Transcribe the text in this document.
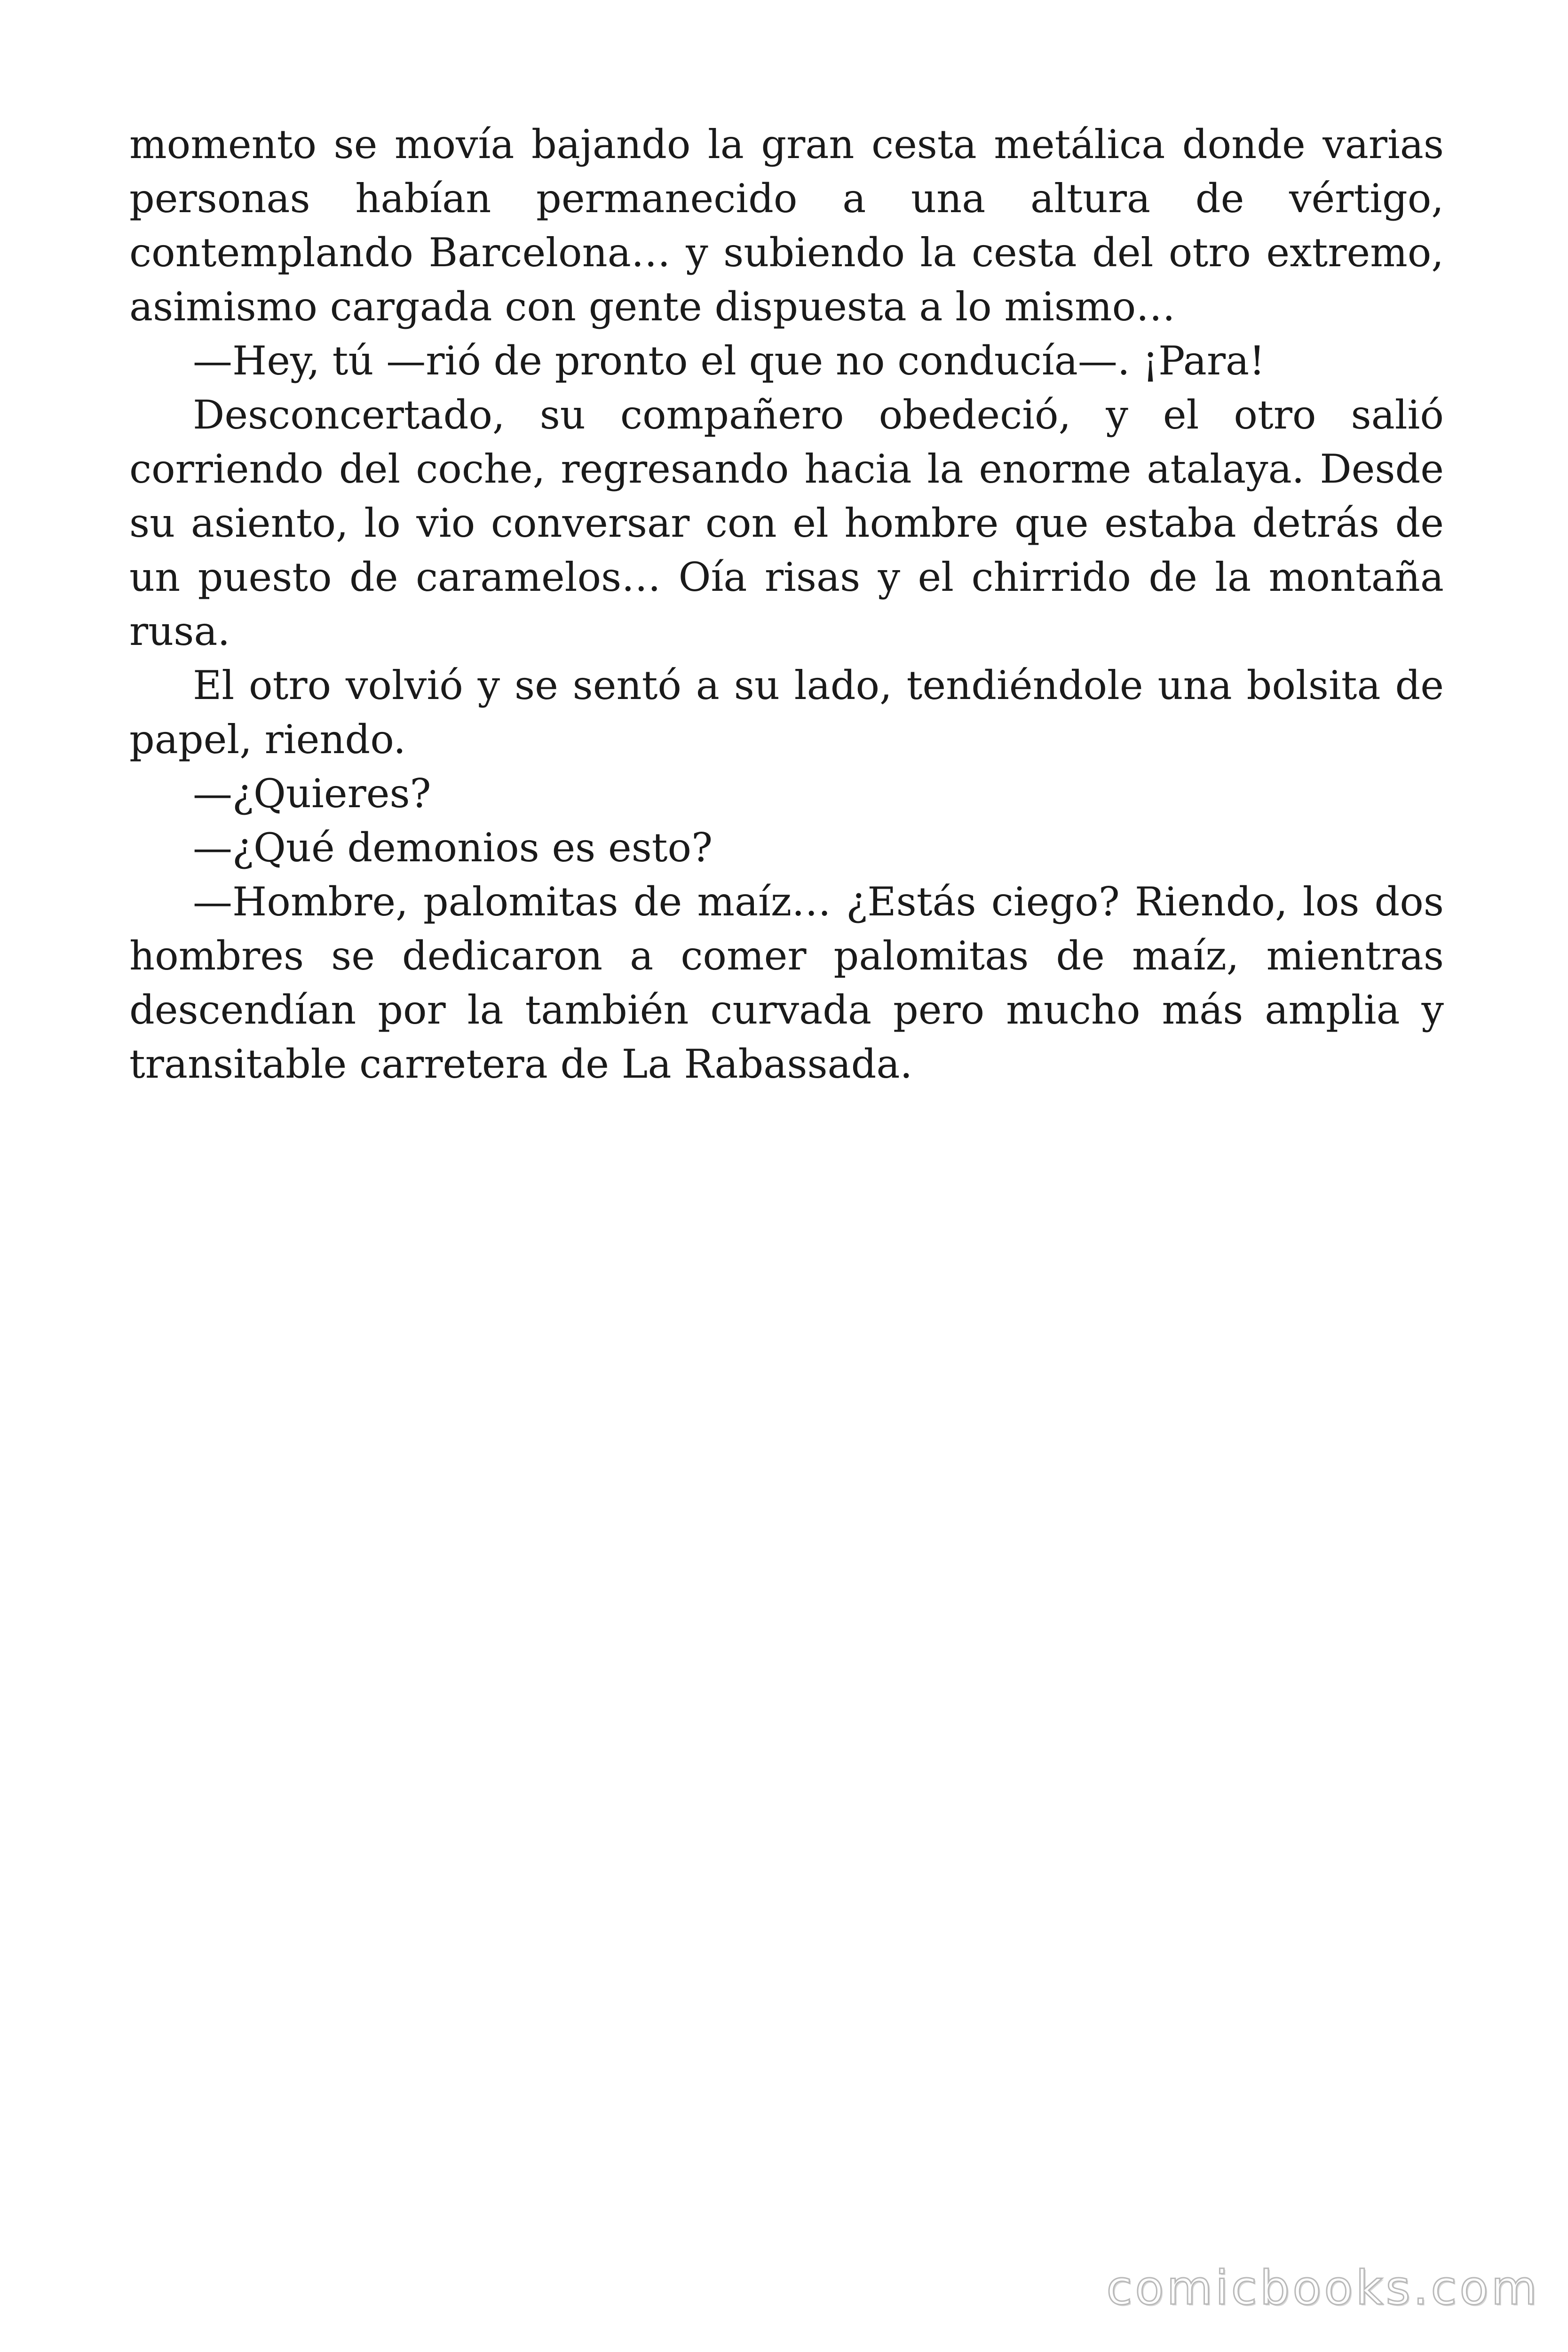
momento se movía bajando la gran cesta metálica donde varias personas habían permanecido a una altura de vértigo, contemplando Barcelona… y subiendo la cesta del otro extremo, asimismo cargada con gente dispuesta a lo mismo…

—Hey, tú —rió de pronto el que no conducía—. ¡Para!

Desconcertado, su compañero obedeció, y el otro salió corriendo del coche, regresando hacia la enorme atalaya. Desde su asiento, lo vio conversar con el hombre que estaba detrás de un puesto de caramelos… Oía risas y el chirrido de la montaña rusa.

El otro volvió y se sentó a su lado, tendiéndole una bolsita de papel, riendo.

—¿Quieres?

—¿Qué demonios es esto?

—Hombre, palomitas de maíz… ¿Estás ciego? Riendo, los dos hombres se dedicaron a comer palomitas de maíz, mientras descendían por la también curvada pero mucho más amplia y transitable carretera de La Rabassada.

comicbooks.com
